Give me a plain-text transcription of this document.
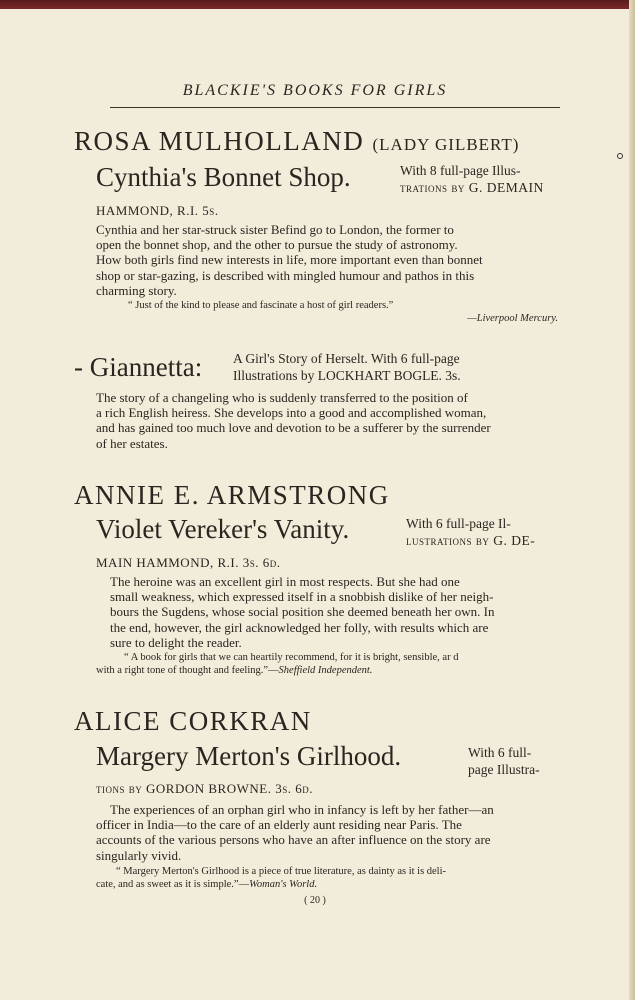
BLACKIE'S BOOKS FOR GIRLS
ROSA MULHOLLAND (LADY GILBERT)
Cynthia's Bonnet Shop.	With 8 full-page Illus-
trations by G. DEMAIN
HAMMOND, R.I. 5s.
Cynthia and her star-struck sister Befind go to London, the former to
open the bonnet shop, and the other to pursue the study of astronomy.
How both girls find new interests in life, more important even than bonnet
shop or star-gazing, is described with mingled humour and pathos in this
charming story.
“ Just of the kind to please and fascinate a host of girl readers.”
—Liverpool Mercury.
- Giannetta: A Girl's Story of Herselt. With 6 full-page
Illustrations by LOCKHART BOGLE. 3s.
The story of a changeling who is suddenly transferred to the position of
a rich English heiress. She develops into a good and accomplished woman,
and has gained too much love and devotion to be a sufferer by the surrender
of her estates.
ANNIE E. ARMSTRONG
Violet Vereker's Vanity.	With 6 full-page Il-
lustrations by G. DE-
MAIN HAMMOND, R.I. 3s. 6d.
The heroine was an excellent girl in most respects. But she had one
small weakness, which expressed itself in a snobbish dislike of her neigh-
bours the Sugdens, whose social position she deemed beneath her own. In
the end, however, the girl acknowledged her folly, with results which are
sure to delight the reader.
“ A book for girls that we can heartily recommend, for it is bright, sensible, ar d
with a right tone of thought and feeling.”—Sheffield Independent.
ALICE CORKRAN
Margery Merton's Girlhood.	With 6 full-
page Illustra-
tions by GORDON BROWNE. 3s. 6d.
The experiences of an orphan girl who in infancy is left by her father—an
officer in India—to the care of an elderly aunt residing near Paris. The
accounts of the various persons who have an after influence on the story are
singularly vivid.
“ Margery Merton's Girlhood is a piece of true literature, as dainty as it is deli-
cate, and as sweet as it is simple.”—Woman's World.
( 20 )
